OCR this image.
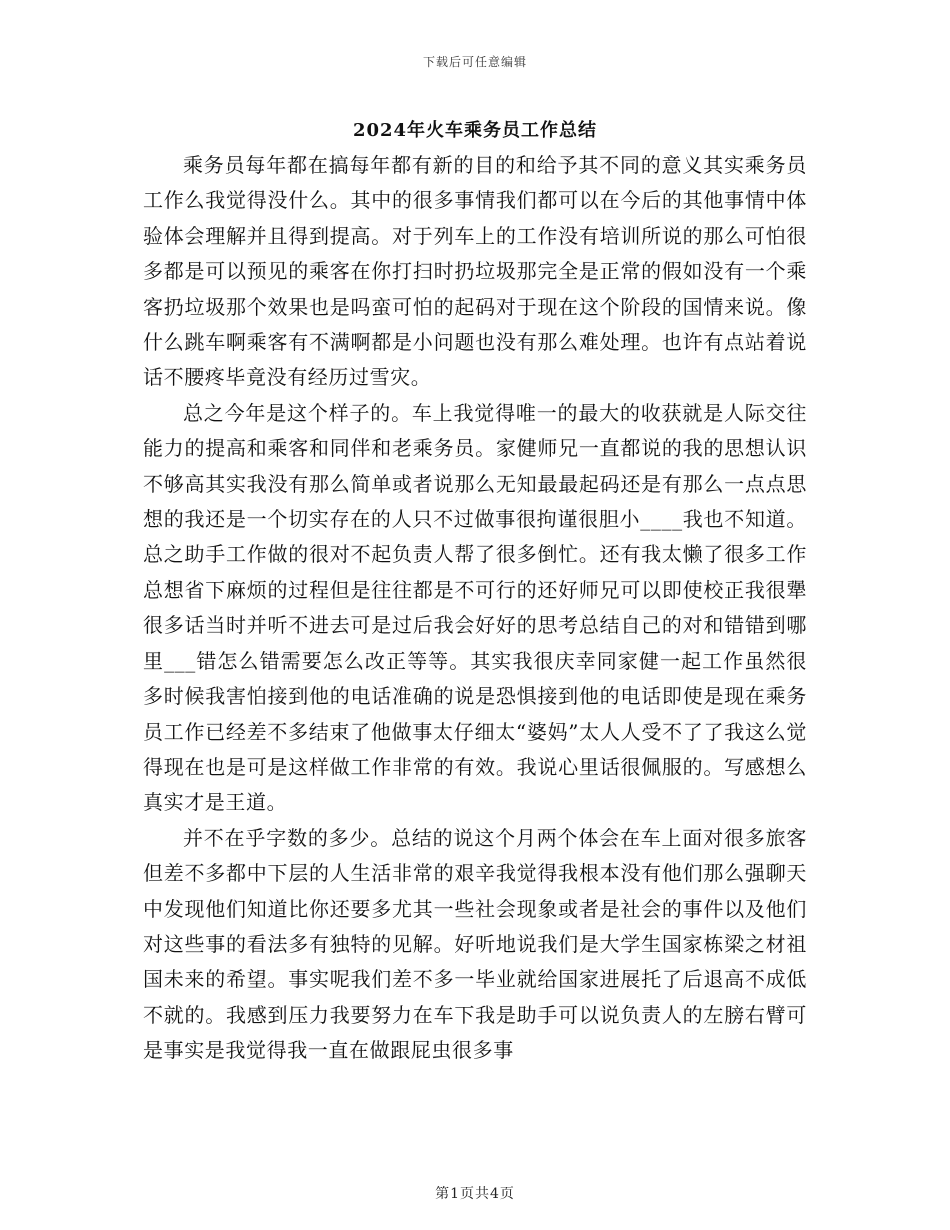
下载后可任意编辑
2024年火车乘务员工作总结

乘务员每年都在搞每年都有新的目的和给予其不同的意义其实乘务员工作么我觉得没什么。其中的很多事情我们都可以在今后的其他事情中体验体会理解并且得到提高。对于列车上的工作没有培训所说的那么可怕很多都是可以预见的乘客在你打扫时扔垃圾那完全是正常的假如没有一个乘客扔垃圾那个效果也是吗蛮可怕的起码对于现在这个阶段的国情来说。像什么跳车啊乘客有不满啊都是小问题也没有那么难处理。也许有点站着说话不腰疼毕竟没有经历过雪灾。

总之今年是这个样子的。车上我觉得唯一的最大的收获就是人际交往能力的提高和乘客和同伴和老乘务员。家健师兄一直都说的我的思想认识不够高其实我没有那么简单或者说那么无知最最起码还是有那么一点点思想的我还是一个切实存在的人只不过做事很拘谨很胆小____我也不知道。总之助手工作做的很对不起负责人帮了很多倒忙。还有我太懒了很多工作总想省下麻烦的过程但是往往都是不可行的还好师兄可以即使校正我很犟很多话当时并听不进去可是过后我会好好的思考总结自己的对和错错到哪里___错怎么错需要怎么改正等等。其实我很庆幸同家健一起工作虽然很多时候我害怕接到他的电话准确的说是恐惧接到他的电话即使是现在乘务员工作已经差不多结束了他做事太仔细太“婆妈”太人人受不了了我这么觉得现在也是可是这样做工作非常的有效。我说心里话很佩服的。写感想么真实才是王道。

并不在乎字数的多少。总结的说这个月两个体会在车上面对很多旅客但差不多都中下层的人生活非常的艰辛我觉得我根本没有他们那么强聊天中发现他们知道比你还要多尤其一些社会现象或者是社会的事件以及他们对这些事的看法多有独特的见解。好听地说我们是大学生国家栋梁之材祖国未来的希望。事实呢我们差不多一毕业就给国家进展托了后退高不成低不就的。我感到压力我要努力在车下我是助手可以说负责人的左膀右臂可是事实是我觉得我一直在做跟屁虫很多事

第1页共4页
